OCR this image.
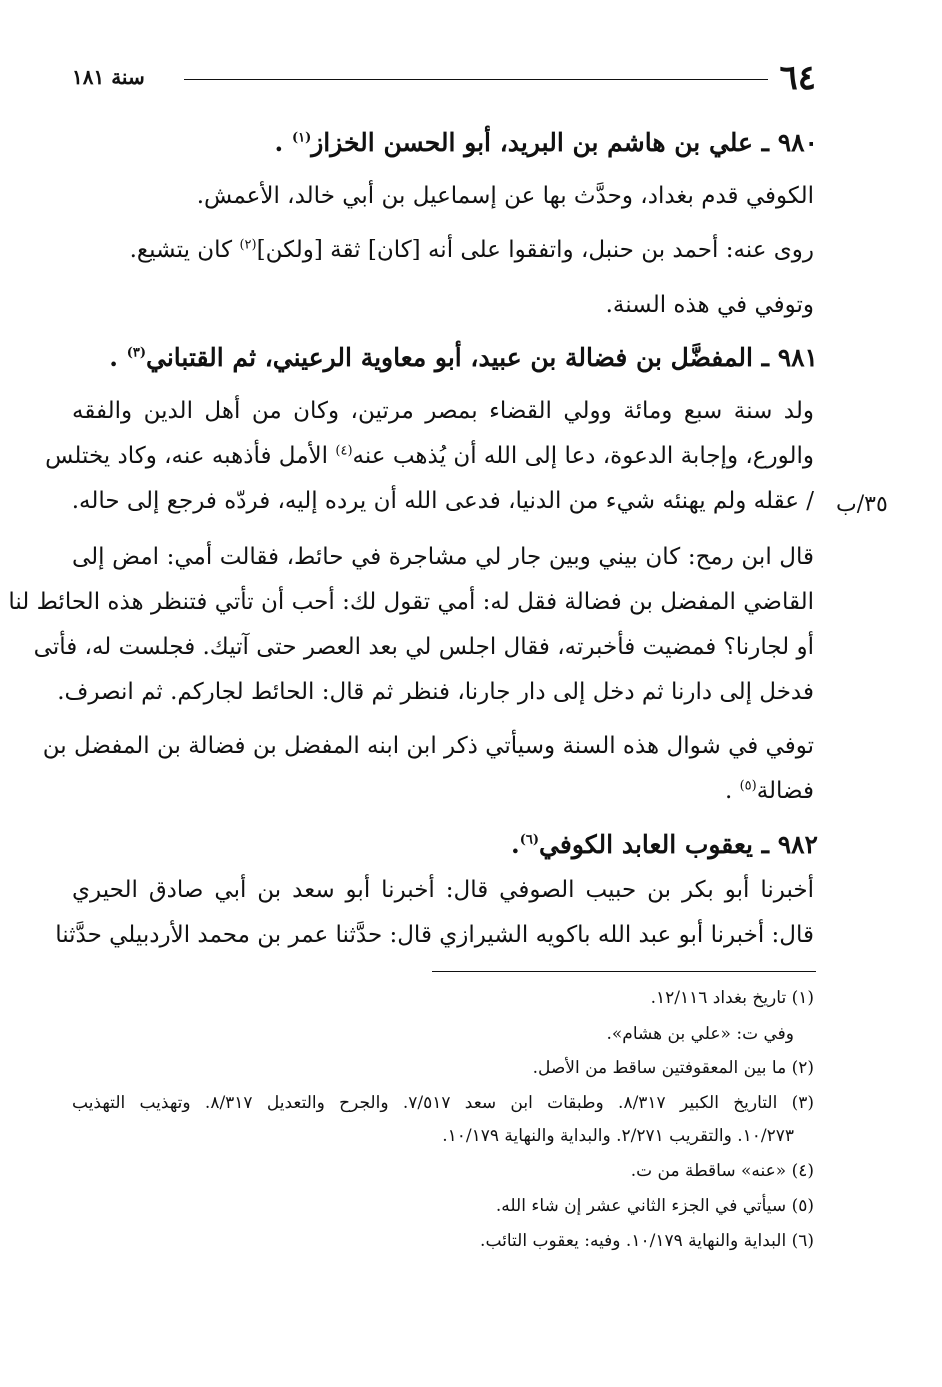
٦٤
سنة ١٨١
٩٨٠ ـ علي بن هاشم بن البريد، أبو الحسن الخزاز$^{(١)}$ .
الكوفي قدم بغداد، وحدَّث بها عن إسماعيل بن أبي خالد، الأعمش.
روى عنه: أحمد بن حنبل، واتفقوا على أنه [كان] ثقة [ولكن]$^{(٢)}$ كان يتشيع.
وتوفي في هذه السنة.
٩٨١ ـ المفضَّل بن فضالة بن عبيد، أبو معاوية الرعيني، ثم القتباني$^{(٣)}$ .
ولد سنة سبع ومائة وولي القضاء بمصر مرتين، وكان من أهل الدين والفقه
والورع، وإجابة الدعوة، دعا إلى الله أن يُذهب عنه$^{(٤)}$ الأمل فأذهبه عنه، وكاد يختلس
/ عقله ولم يهنئه شيء من الدنيا، فدعى الله أن يرده إليه، فردّه فرجع إلى حاله. ٣٥/ب
قال ابن رمح: كان بيني وبين جار لي مشاجرة في حائط، فقالت أمي: امض إلى
القاضي المفضل بن فضالة فقل له: أمي تقول لك: أحب أن تأتي فتنظر هذه الحائط لنا
أو لجارنا؟ فمضيت فأخبرته، فقال اجلس لي بعد العصر حتى آتيك. فجلست له، فأتى
فدخل إلى دارنا ثم دخل إلى دار جارنا، فنظر ثم قال: الحائط لجاركم. ثم انصرف.
توفي في شوال هذه السنة وسيأتي ذكر ابن ابنه المفضل بن فضالة بن المفضل بن
فضالة$^{(٥)}$ .
٩٨٢ ـ يعقوب العابد الكوفي$^{(٦)}$.
أخبرنا أبو بكر بن حبيب الصوفي قال: أخبرنا أبو سعد بن أبي صادق الحيري
قال: أخبرنا أبو عبد الله باكويه الشيرازي قال: حدَّثنا عمر بن محمد الأردبيلي حدَّثنا
(١) تاريخ بغداد ١٢/١١٦.
وفي ت: «علي بن هشام».
(٢) ما بين المعقوفتين ساقط من الأصل.
(٣) التاريخ الكبير ٨/٣١٧. وطبقات ابن سعد ٧/٥١٧. والجرح والتعديل ٨/٣١٧. وتهذيب التهذيب
١٠/٢٧٣. والتقريب ٢/٢٧١. والبداية والنهاية ١٠/١٧٩.
(٤) «عنه» ساقطة من ت.
(٥) سيأتي في الجزء الثاني عشر إن شاء الله.
(٦) البداية والنهاية ١٠/١٧٩. وفيه: يعقوب التائب.
